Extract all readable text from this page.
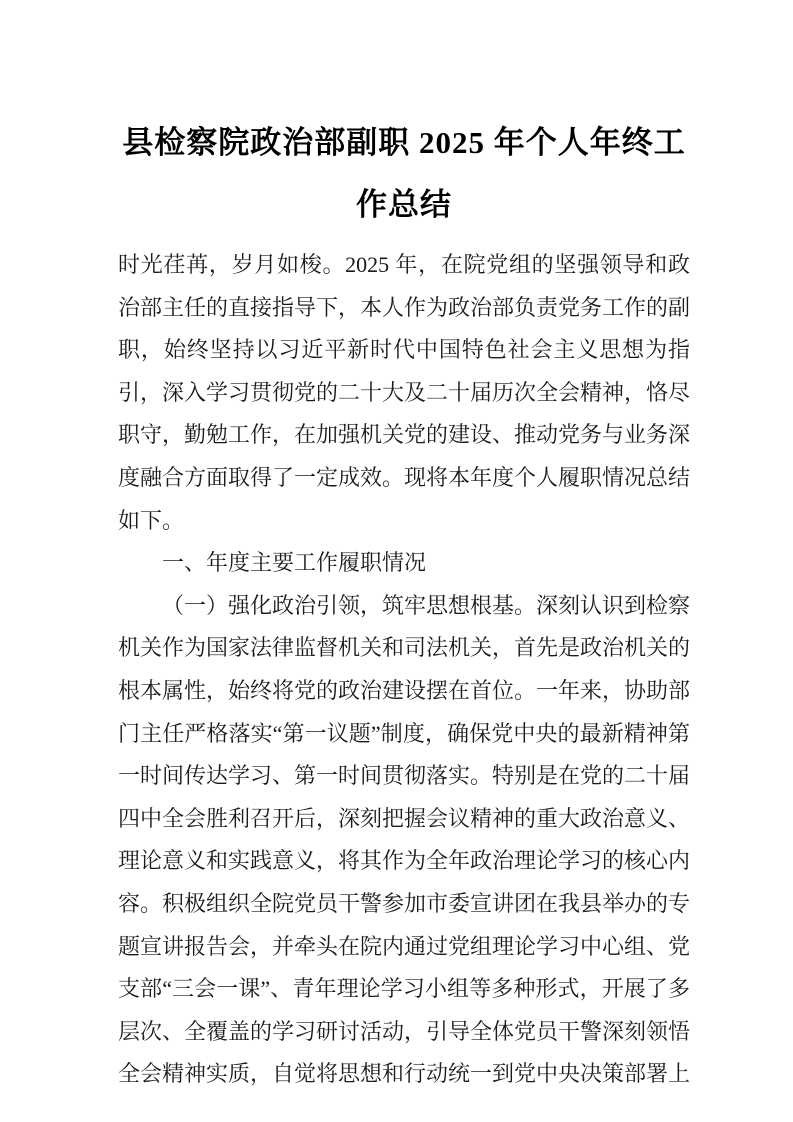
县检察院政治部副职 2025 年个人年终工作总结

时光荏苒，岁月如梭。2025 年，在院党组的坚强领导和政治部主任的直接指导下，本人作为政治部负责党务工作的副职，始终坚持以习近平新时代中国特色社会主义思想为指引，深入学习贯彻党的二十大及二十届历次全会精神，恪尽职守，勤勉工作，在加强机关党的建设、推动党务与业务深度融合方面取得了一定成效。现将本年度个人履职情况总结如下。

一、年度主要工作履职情况

（一）强化政治引领，筑牢思想根基。深刻认识到检察机关作为国家法律监督机关和司法机关，首先是政治机关的根本属性，始终将党的政治建设摆在首位。一年来，协助部门主任严格落实“第一议题”制度，确保党中央的最新精神第一时间传达学习、第一时间贯彻落实。特别是在党的二十届四中全会胜利召开后，深刻把握会议精神的重大政治意义、理论意义和实践意义，将其作为全年政治理论学习的核心内容。积极组织全院党员干警参加市委宣讲团在我县举办的专题宣讲报告会，并牵头在院内通过党组理论学习中心组、党支部“三会一课”、青年理论学习小组等多种形式，开展了多层次、全覆盖的学习研讨活动，引导全体党员干警深刻领悟全会精神实质，自觉将思想和行动统一到党中央决策部署上
